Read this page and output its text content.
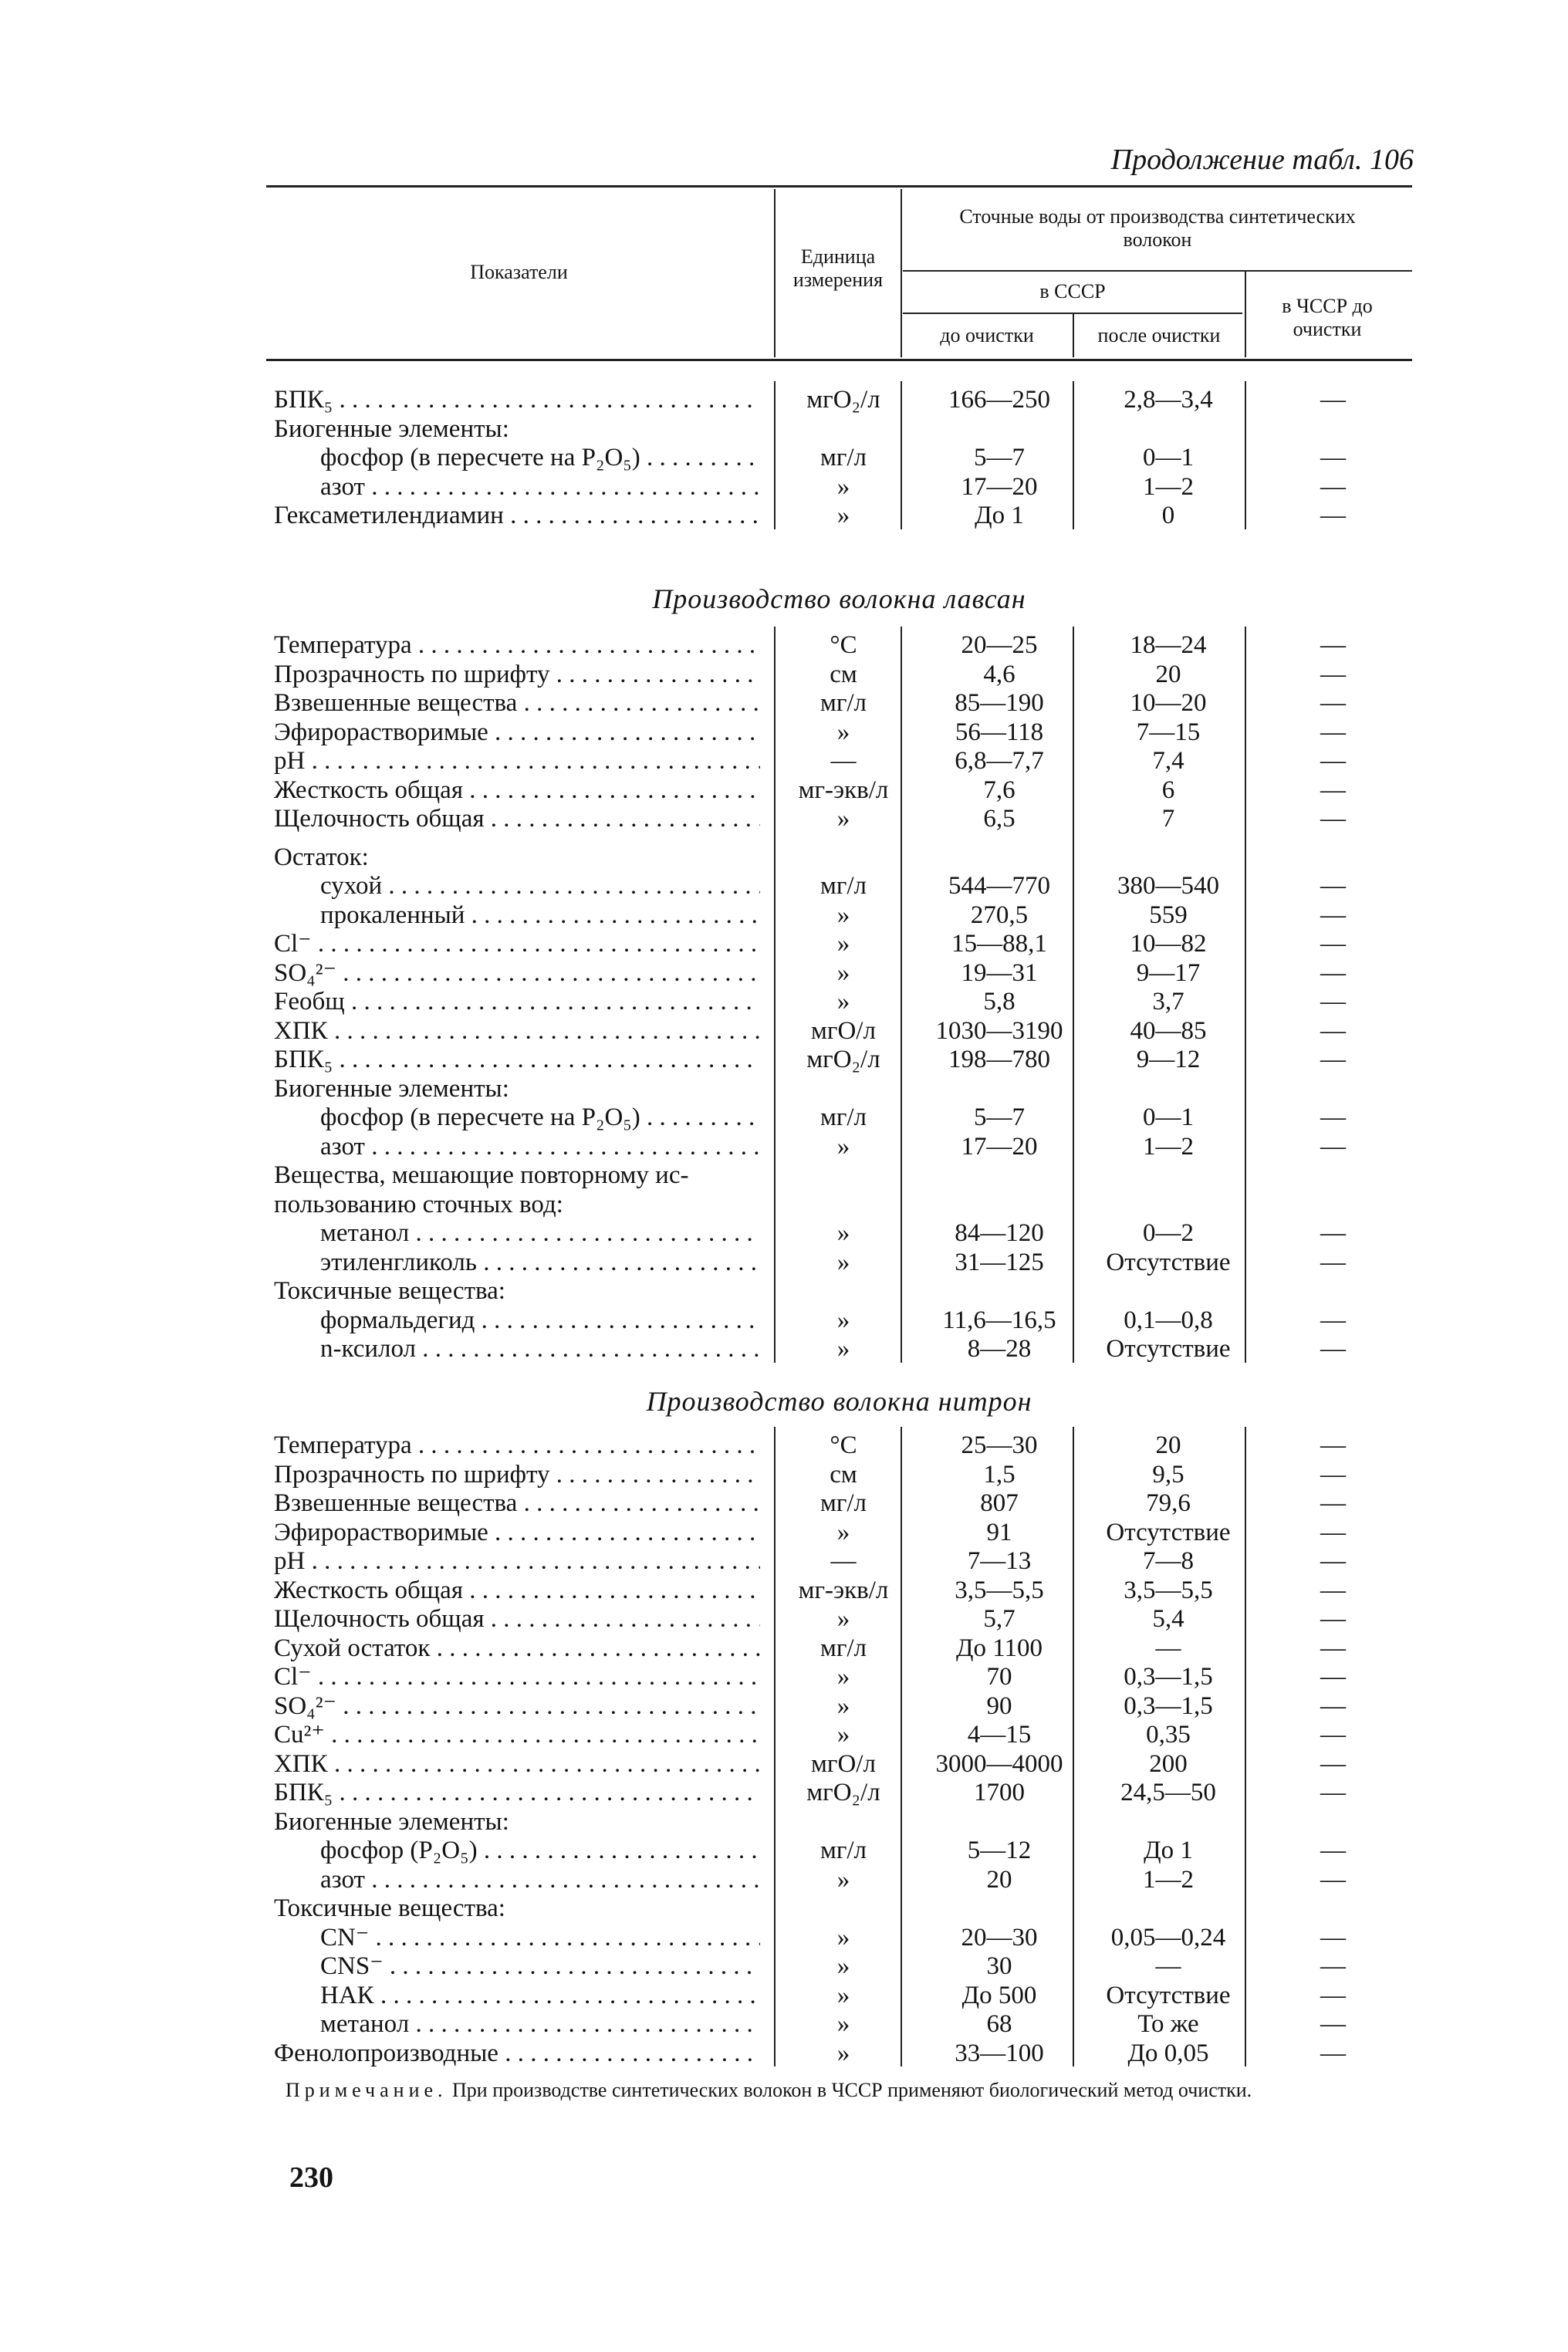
Продолжение табл. 106
Показатели
Единица измерения
Сточные воды от производства синтетических волокон
в СССР
до очистки	после очистки
в ЧССР до очистки
БПК₅ . . .	мгО₂/л	166—250	2,8—3,4	—
Биогенные элементы:
фосфор (в пересчете на P₂O₅) . . .	мг/л	5—7	0—1	—
азот . . .	»	17—20	1—2	—
Гексаметилендиамин . . .	»	До 1	0	—
Температура . . .	°C	20—25	18—24	—
Прозрачность по шрифту . . .	см	4,6	20	—
Взвешенные вещества . . .	мг/л	85—190	10—20	—
Эфирорастворимые . . .	»	56—118	7—15	—
pH . . .	—	6,8—7,7	7,4	—
Жесткость общая . . .	мг-экв/л	7,6	6	—
Щелочность общая . . .	»	6,5	7	—
Остаток:
сухой . . .	мг/л	544—770	380—540	—
прокаленный . . .	»	270,5	559	—
Cl⁻ . . .	»	15—88,1	10—82	—
SO₄²⁻ . . .	»	19—31	9—17	—
Feобщ . . .	»	5,8	3,7	—
ХПК . . .	мгО/л	1030—3190	40—85	—
БПК₅ . . .	мгО₂/л	198—780	9—12	—
Биогенные элементы:
фосфор (в пересчете на P₂O₅) . . .	мг/л	5—7	0—1	—
азот . . .	»	17—20	1—2	—
Вещества, мешающие повторному ис-
пользованию сточных вод:
метанол . . .	»	84—120	0—2	—
этиленгликоль . . .	»	31—125	Отсутствие	—
Токсичные вещества:
формальдегид . . .	»	11,6—16,5	0,1—0,8	—
n-ксилол . . .	»	8—28	Отсутствие	—
Температура . . .	°C	25—30	20	—
Прозрачность по шрифту . . .	см	1,5	9,5	—
Взвешенные вещества . . .	мг/л	807	79,6	—
Эфирорастворимые . . .	»	91	Отсутствие	—
pH . . .	—	7—13	7—8	—
Жесткость общая . . .	мг-экв/л	3,5—5,5	3,5—5,5	—
Щелочность общая . . .	»	5,7	5,4	—
Сухой остаток . . .	мг/л	До 1100	—	—
Cl⁻ . . .	»	70	0,3—1,5	—
SO₄²⁻ . . .	»	90	0,3—1,5	—
Cu²⁺ . . .	»	4—15	0,35	—
ХПК . . .	мгО/л	3000—4000	200	—
БПК₅ . . .	мгО₂/л	1700	24,5—50	—
Биогенные элементы:
фосфор (P₂O₅) . . .	мг/л	5—12	До 1	—
азот . . .	»	20	1—2	—
Токсичные вещества:
CN⁻ . . .	»	20—30	0,05—0,24	—
CNS⁻ . . .	»	30	—	—
НАК . . .	»	До 500	Отсутствие	—
метанол . . .	»	68	То же	—
Фенолопроизводные . . .	»	33—100	До 0,05	—
Производство волокна лавсан
Производство волокна нитрон
Примечание. При производстве синтетических волокон в ЧССР применяют биологический метод очистки.
230
